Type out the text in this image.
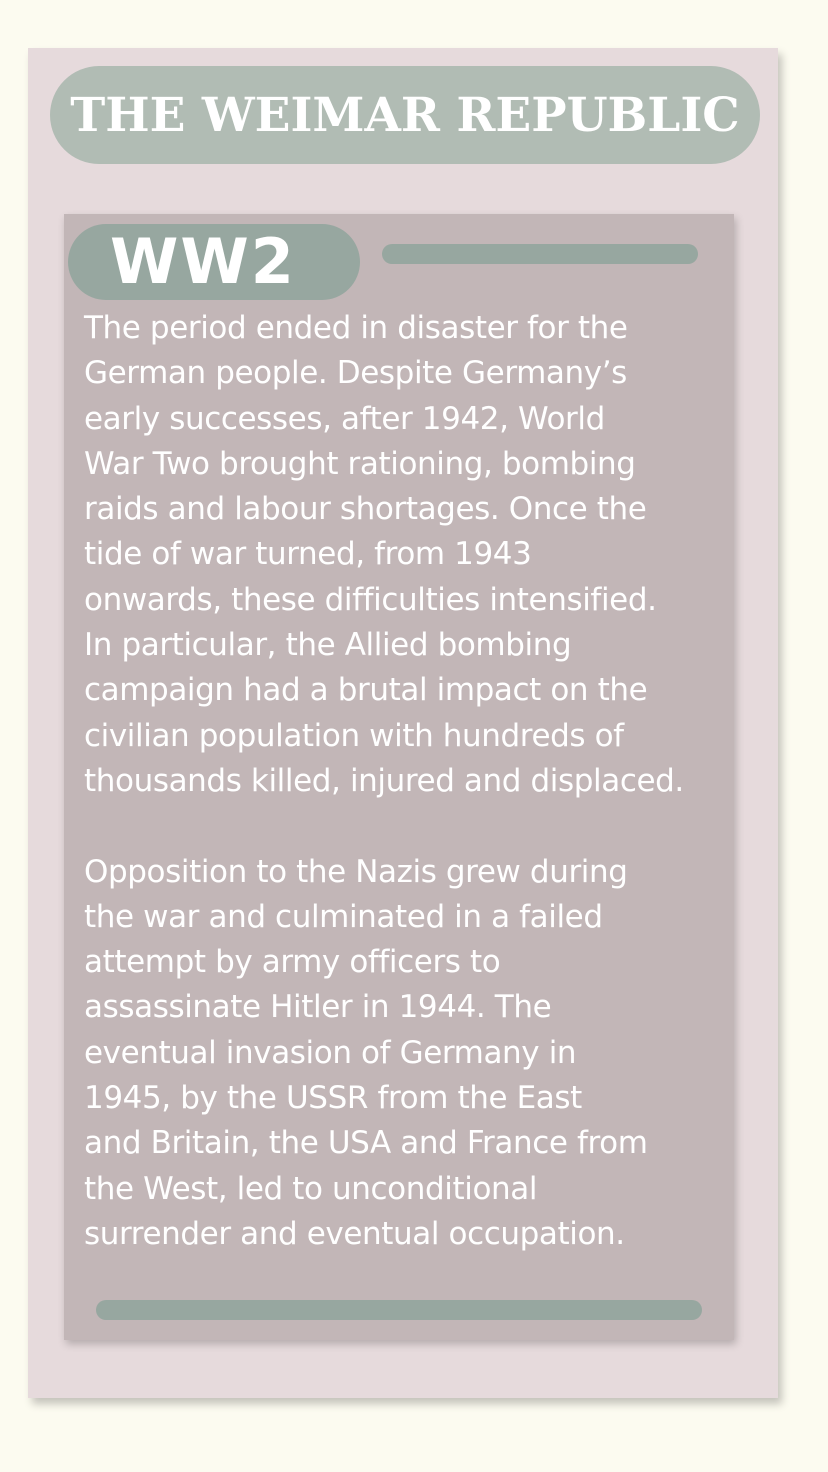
THE WEIMAR REPUBLIC
WW2

The period ended in disaster for the
German people. Despite Germany’s
early successes, after 1942, World
War Two brought rationing, bombing
raids and labour shortages. Once the
tide of war turned, from 1943
onwards, these difficulties intensified.
In particular, the Allied bombing
campaign had a brutal impact on the
civilian population with hundreds of
thousands killed, injured and displaced.

Opposition to the Nazis grew during
the war and culminated in a failed
attempt by army officers to
assassinate Hitler in 1944. The
eventual invasion of Germany in
1945, by the USSR from the East
and Britain, the USA and France from
the West, led to unconditional
surrender and eventual occupation.
